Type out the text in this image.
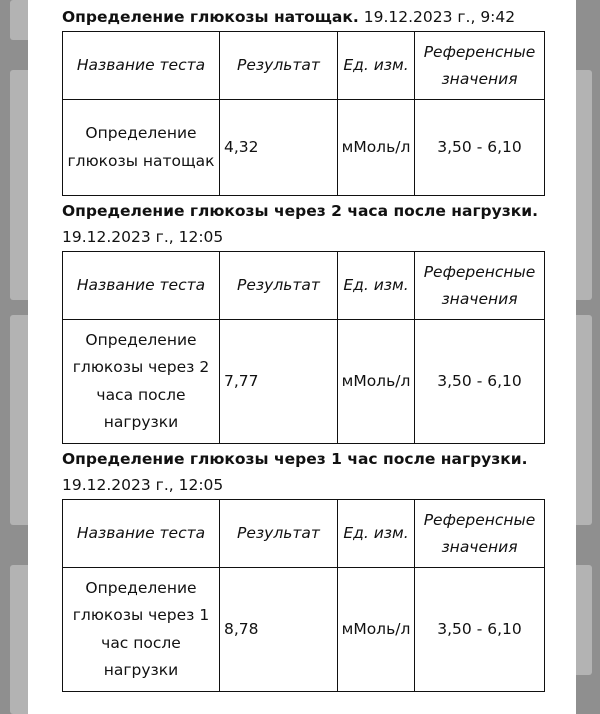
Определение глюкозы натощак. 19.12.2023 г., 9:42
Название теста	Результат	Ед. изм.	Референсные значения
Определение глюкозы натощак	4,32	мМоль/л	3,50 - 6,10
Определение глюкозы через 2 часа после нагрузки.
19.12.2023 г., 12:05
Название теста	Результат	Ед. изм.	Референсные значения
Определение глюкозы через 2 часа после нагрузки	7,77	мМоль/л	3,50 - 6,10
Определение глюкозы через 1 час после нагрузки.
19.12.2023 г., 12:05
Название теста	Результат	Ед. изм.	Референсные значения
Определение глюкозы через 1 час после нагрузки	8,78	мМоль/л	3,50 - 6,10
